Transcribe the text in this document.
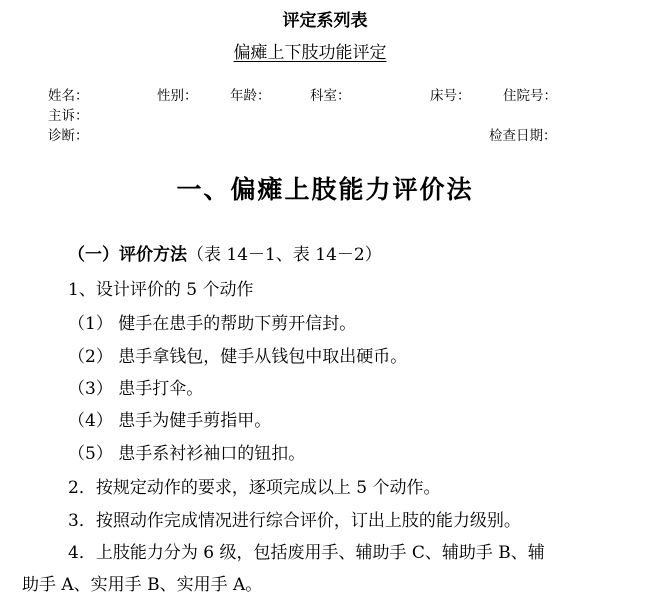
评定系列表
偏瘫上下肢功能评定
姓名：	性别： 年龄：	科室：	床号： 住院号：
主诉：
诊断：	检查日期：
一、偏瘫上肢能力评价法
（一）评价方法（表 14－1、表 14－2）
1、设计评价的 5 个动作
（1） 健手在患手的帮助下剪开信封。
（2） 患手拿钱包，健手从钱包中取出硬币。
（3） 患手打伞。
（4） 患手为健手剪指甲。
（5） 患手系衬衫袖口的钮扣。
2．按规定动作的要求，逐项完成以上 5 个动作。
3．按照动作完成情况进行综合评价，订出上肢的能力级别。
4．上肢能力分为 6 级，包括废用手、辅助手 C、辅助手 B、辅
助手 A、实用手 B、实用手 A。
